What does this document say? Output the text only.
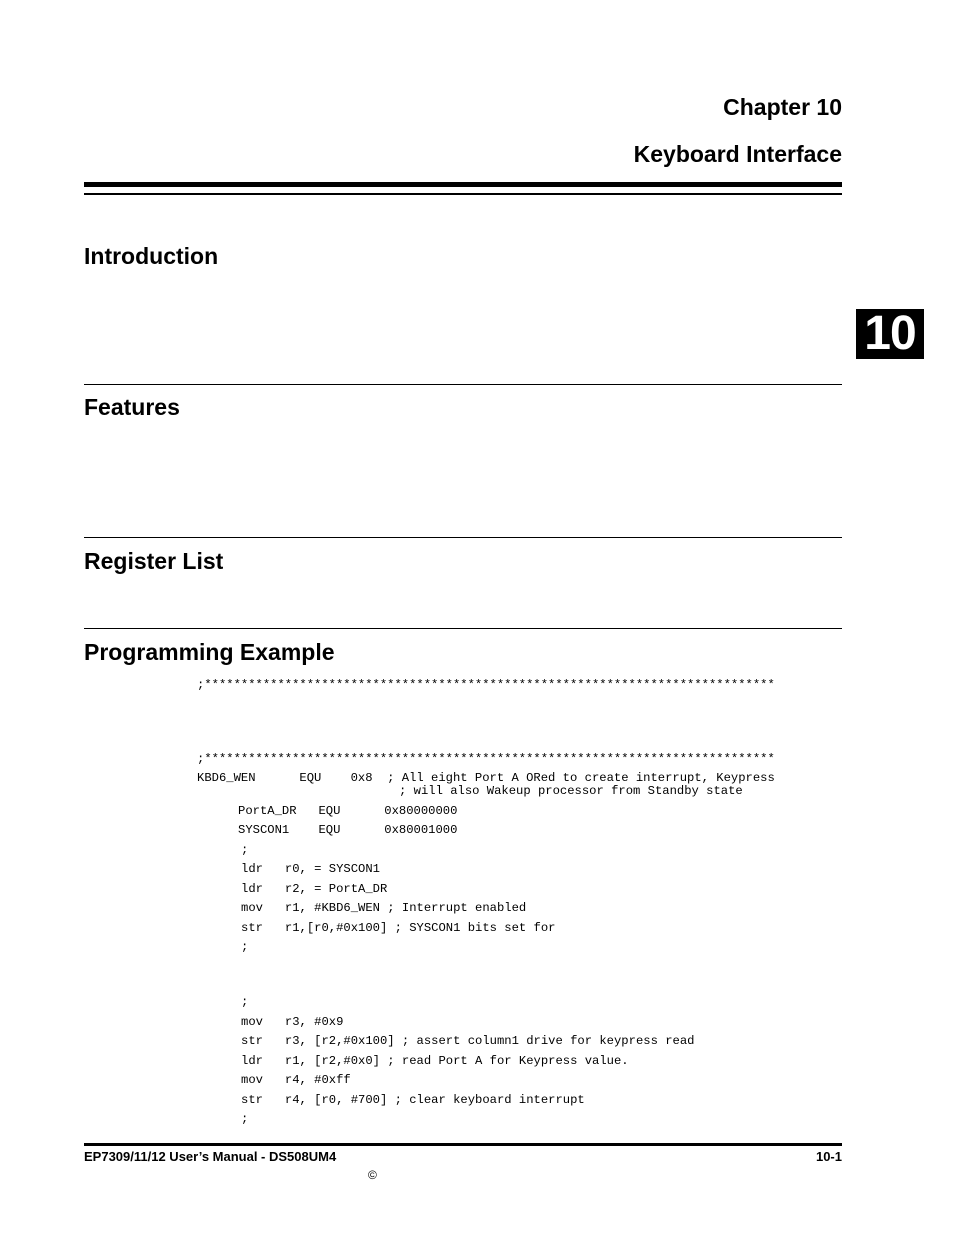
Chapter 10
Keyboard Interface
10
Introduction
Features
Register List
Programming Example
;******************************************************************************
;******************************************************************************
KBD6_WEN      EQU    0x8  ; All eight Port A ORed to create interrupt, Keypress
; will also Wakeup processor from Standby state
PortA_DR   EQU      0x80000000
SYSCON1    EQU      0x80001000
;
ldr   r0, = SYSCON1
ldr   r2, = PortA_DR
mov   r1, #KBD6_WEN ; Interrupt enabled
str   r1,[r0,#0x100] ; SYSCON1 bits set for
;
;
mov   r3, #0x9
str   r3, [r2,#0x100] ; assert column1 drive for keypress read
ldr   r1, [r2,#0x0] ; read Port A for Keypress value.
mov   r4, #0xff
str   r4, [r0, #700] ; clear keyboard interrupt
;
EP7309/11/12 User’s Manual - DS508UM4	10-1
©
